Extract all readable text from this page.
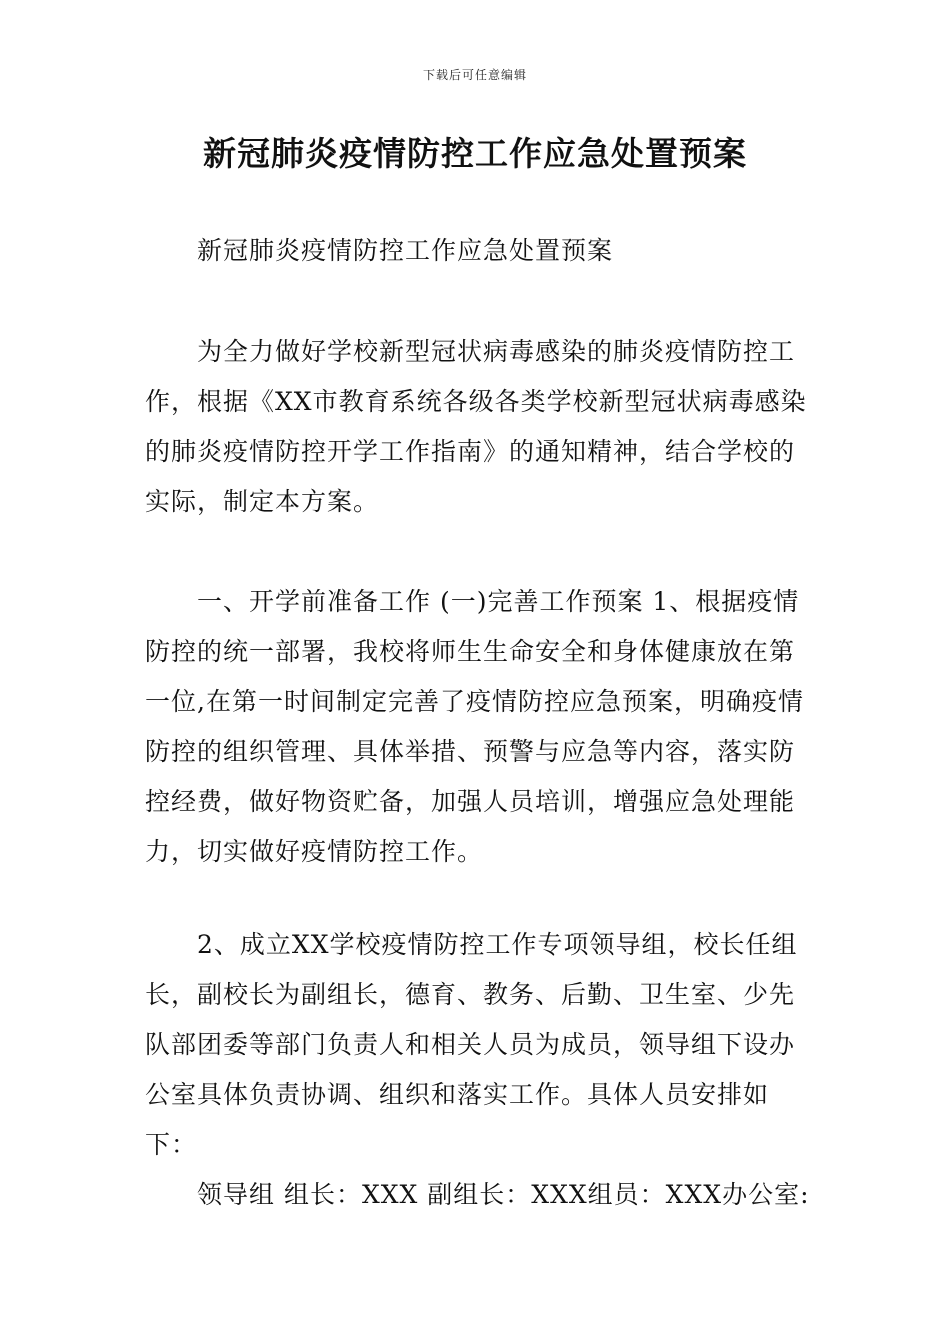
下载后可任意编辑
新冠肺炎疫情防控工作应急处置预案

新冠肺炎疫情防控工作应急处置预案

为全力做好学校新型冠状病毒感染的肺炎疫情防控工作，根据《XX市教育系统各级各类学校新型冠状病毒感染的肺炎疫情防控开学工作指南》的通知精神，结合学校的实际，制定本方案。

一、开学前准备工作 (一)完善工作预案 1、根据疫情防控的统一部署，我校将师生生命安全和身体健康放在第一位,在第一时间制定完善了疫情防控应急预案，明确疫情防控的组织管理、具体举措、预警与应急等内容，落实防控经费，做好物资贮备，加强人员培训，增强应急处理能力，切实做好疫情防控工作。

2、成立XX学校疫情防控工作专项领导组，校长任组长，副校长为副组长，德育、教务、后勤、卫生室、少先队部团委等部门负责人和相关人员为成员，领导组下设办公室具体负责协调、组织和落实工作。具体人员安排如下：

领导组 组长：XXX 副组长：XXX组员：XXX办公室:
